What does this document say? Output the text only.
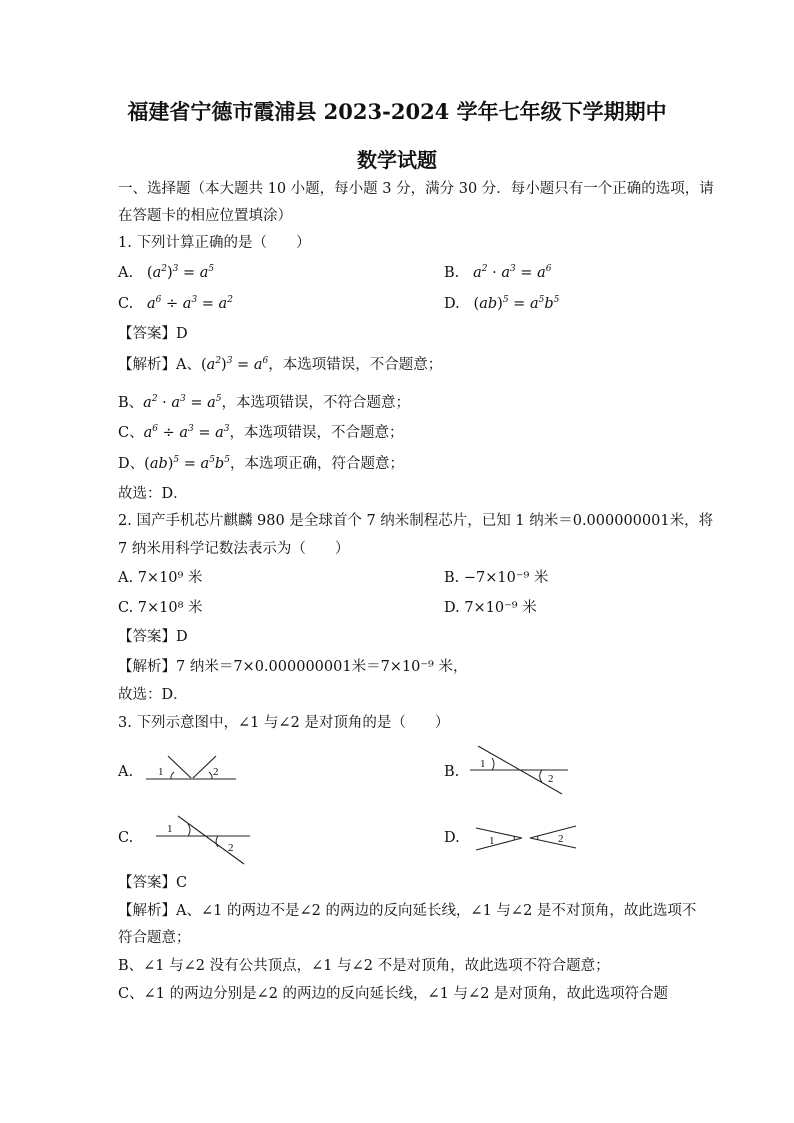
福建省宁德市霞浦县 2023-2024 学年七年级下学期期中
数学试题
一、选择题（本大题共 10 小题，每小题 3 分，满分 30 分．每小题只有一个正确的选项，请
在答题卡的相应位置填涂）
1. 下列计算正确的是（　　）
A. $(a^2)^3 = a^5$	B. $a^2 \cdot a^3 = a^6$
C. $a^6 \div a^3 = a^2$	D. $(ab)^5 = a^5b^5$
【答案】D
【解析】A、$(a^2)^3 = a^6$，本选项错误，不合题意；
B、$a^2 \cdot a^3 = a^5$，本选项错误，不符合题意；
C、$a^6 \div a^3 = a^3$，本选项错误，不合题意；
D、$(ab)^5 = a^5b^5$，本选项正确，符合题意；
故选：D．
2. 国产手机芯片麒麟 980 是全球首个 7 纳米制程芯片，已知 1 纳米＝0.000000001米，将
7 纳米用科学记数法表示为（　　）
A. 7×10⁹ 米	B. −7×10⁻⁹ 米
C. 7×10⁸ 米	D. 7×10⁻⁹ 米
【答案】D
【解析】7 纳米＝7×0.000000001米＝7×10⁻⁹ 米，
故选：D．
3. 下列示意图中，∠1 与∠2 是对顶角的是（　　）
A. 1	2	B. 1
2
C.
1
2
D.	1	2
【答案】C
【解析】A、∠1 的两边不是∠2 的两边的反向延长线，∠1 与∠2 是不对顶角，故此选项不
符合题意；
B、∠1 与∠2 没有公共顶点，∠1 与∠2 不是对顶角，故此选项不符合题意；
C、∠1 的两边分别是∠2 的两边的反向延长线，∠1 与∠2 是对顶角，故此选项符合题
